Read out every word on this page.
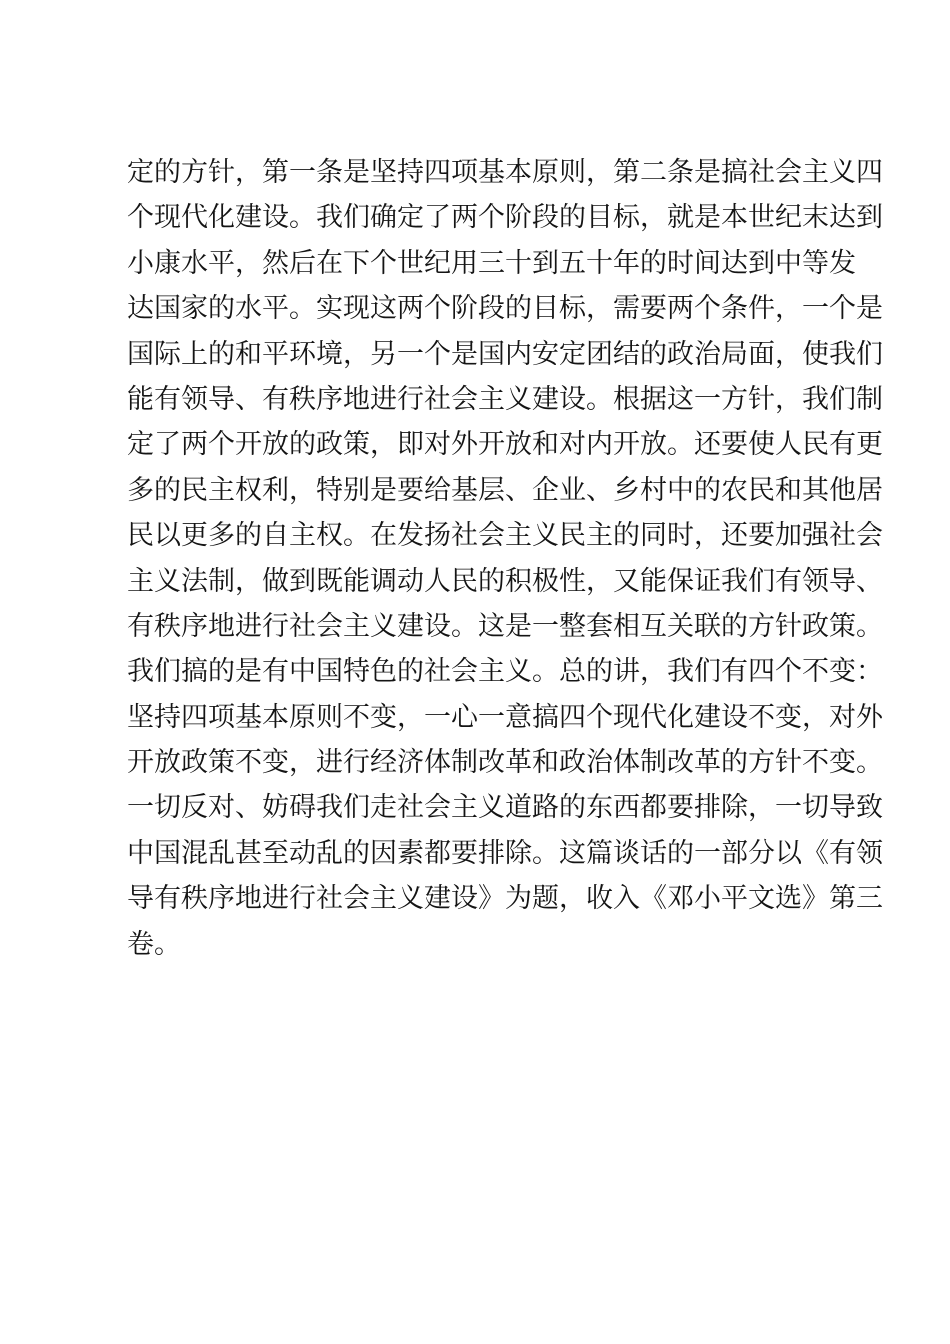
定的方针，第一条是坚持四项基本原则，第二条是搞社会主义四
个现代化建设。我们确定了两个阶段的目标，就是本世纪末达到
小康水平，然后在下个世纪用三十到五十年的时间达到中等发
达国家的水平。实现这两个阶段的目标，需要两个条件，一个是
国际上的和平环境，另一个是国内安定团结的政治局面，使我们
能有领导、有秩序地进行社会主义建设。根据这一方针，我们制
定了两个开放的政策，即对外开放和对内开放。还要使人民有更
多的民主权利，特别是要给基层、企业、乡村中的农民和其他居
民以更多的自主权。在发扬社会主义民主的同时，还要加强社会
主义法制，做到既能调动人民的积极性，又能保证我们有领导、
有秩序地进行社会主义建设。这是一整套相互关联的方针政策。
我们搞的是有中国特色的社会主义。总的讲，我们有四个不变：
坚持四项基本原则不变，一心一意搞四个现代化建设不变，对外
开放政策不变，进行经济体制改革和政治体制改革的方针不变。
一切反对、妨碍我们走社会主义道路的东西都要排除，一切导致
中国混乱甚至动乱的因素都要排除。这篇谈话的一部分以《有领
导有秩序地进行社会主义建设》为题，收入《邓小平文选》第三
卷。
